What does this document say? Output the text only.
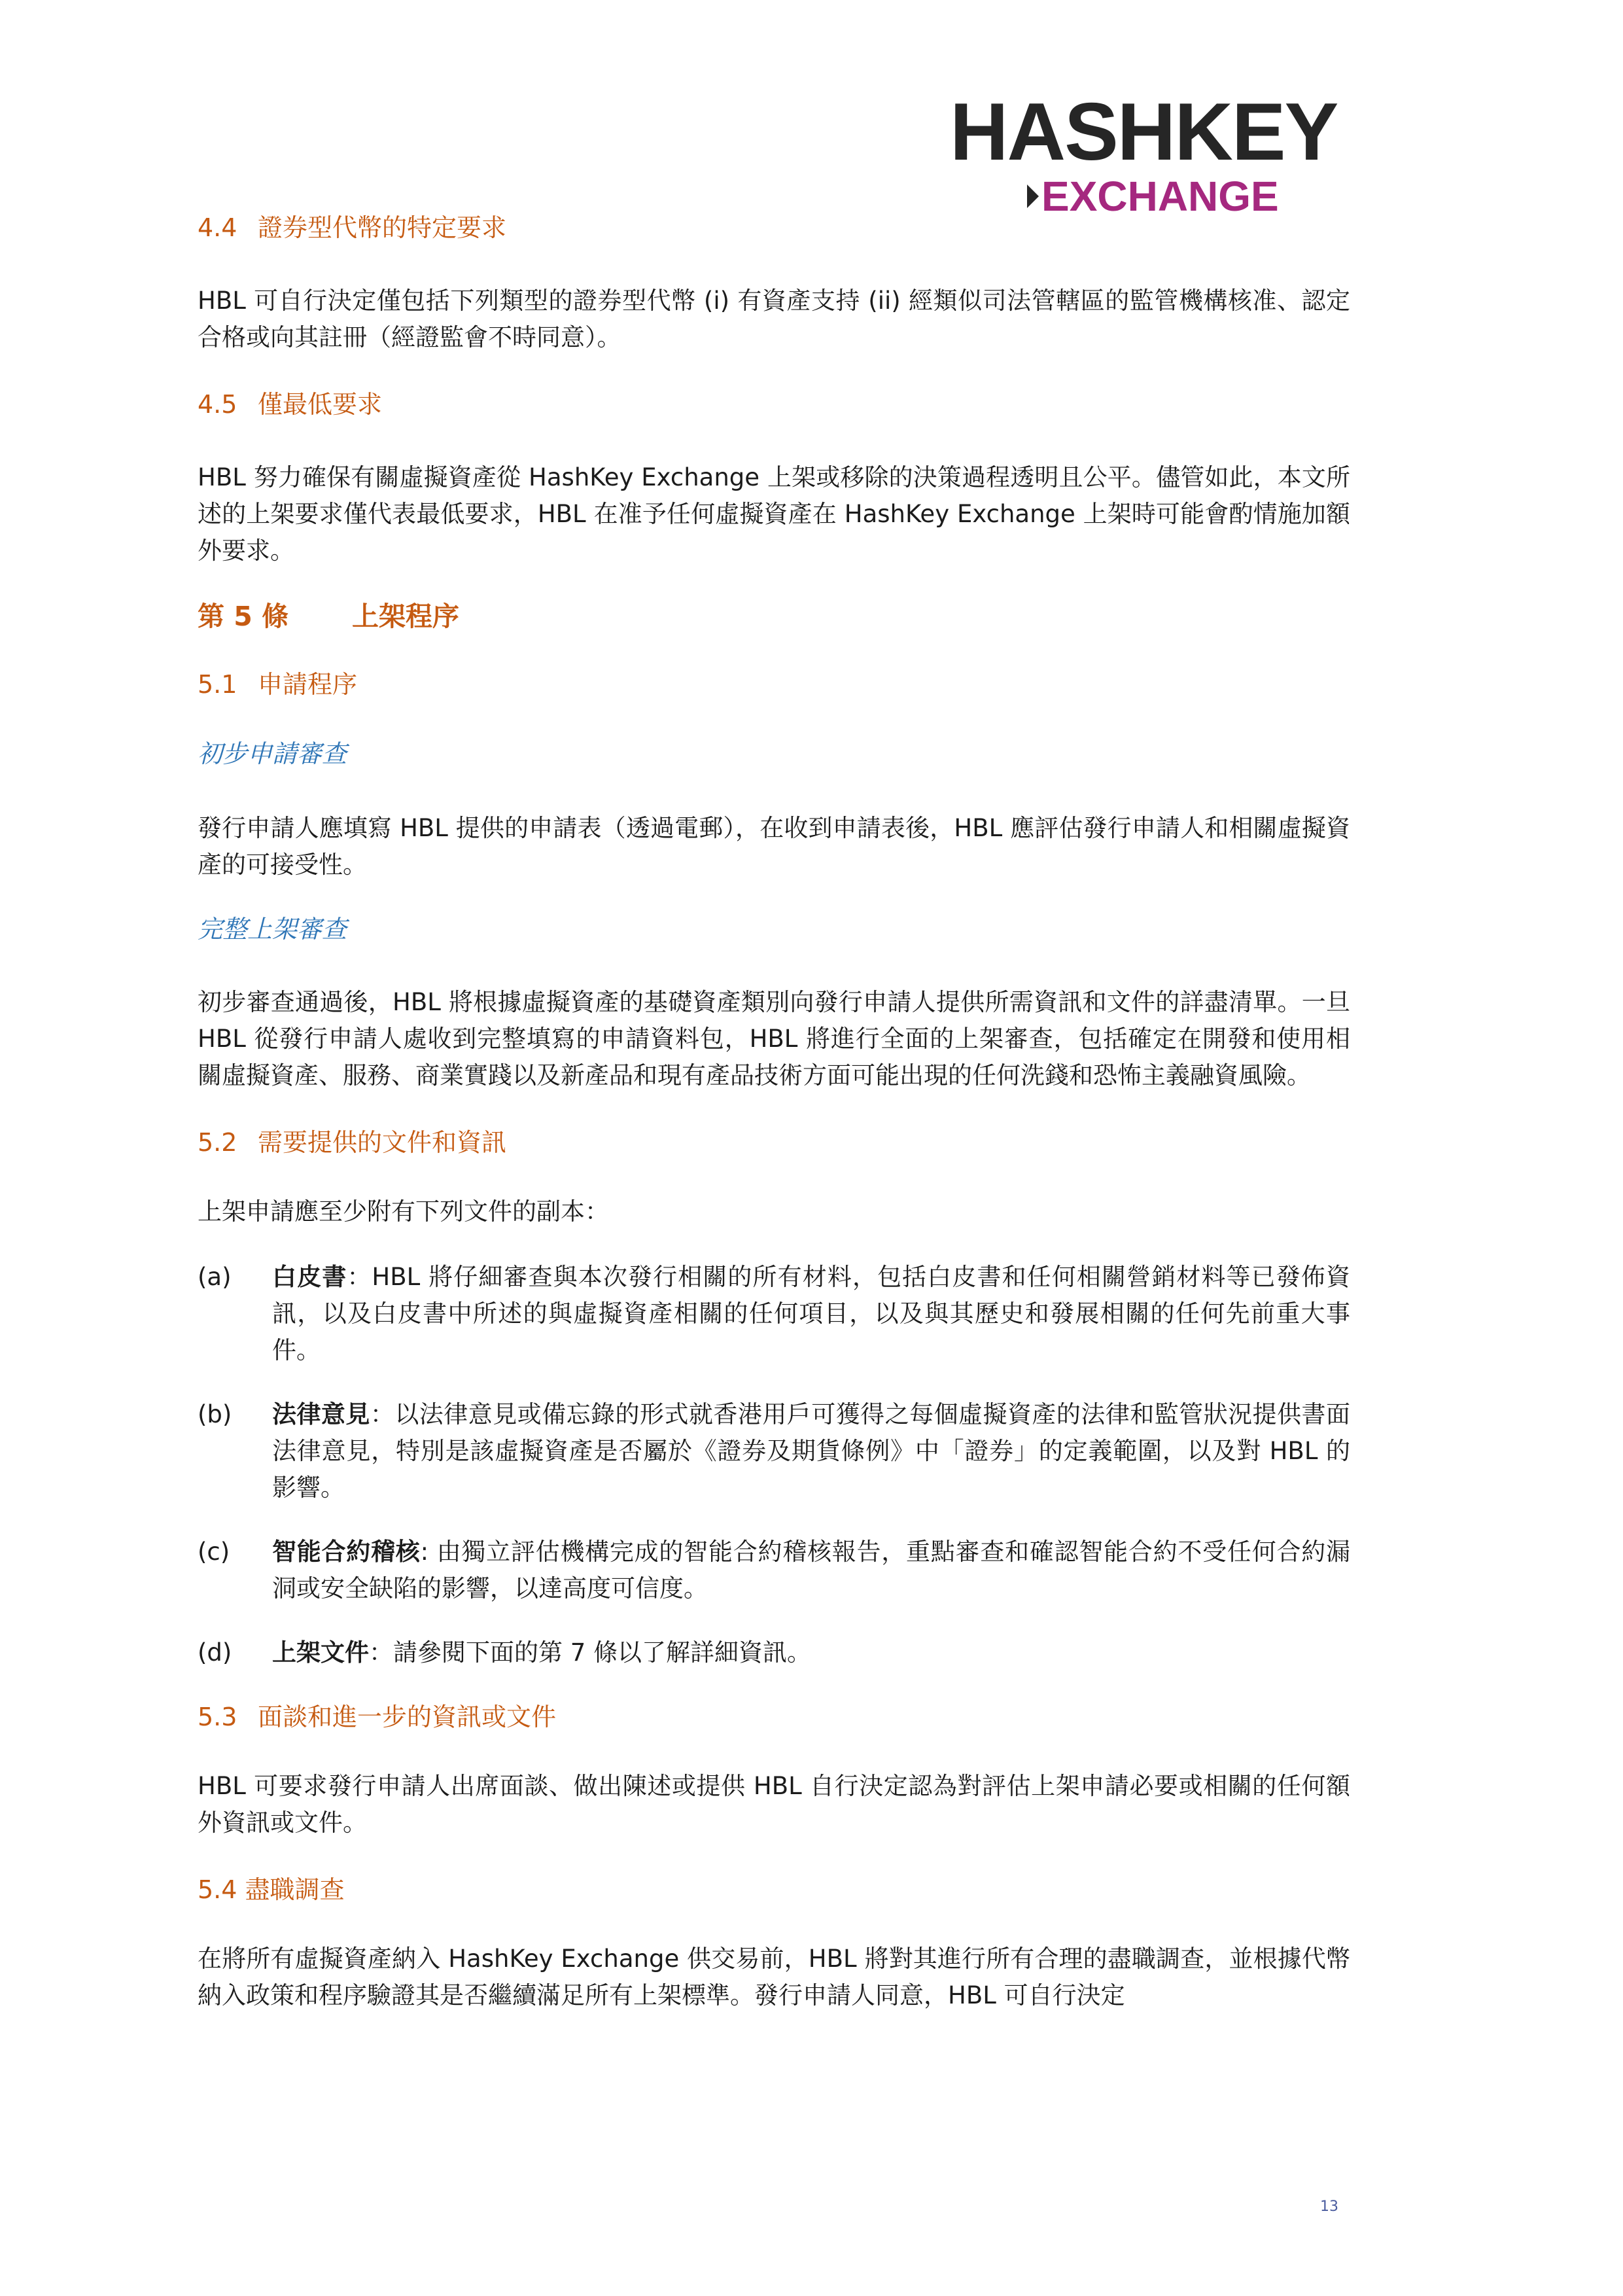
HASHKEY
EXCHANGE

4.4 證券型代幣的特定要求

HBL 可自行決定僅包括下列類型的證券型代幣 (i) 有資產支持 (ii) 經類似司法管轄區的監管機構核准、認定合格或向其註冊（經證監會不時同意）。

4.5 僅最低要求

HBL 努力確保有關虛擬資產從 HashKey Exchange 上架或移除的決策過程透明且公平。儘管如此，本文所述的上架要求僅代表最低要求，HBL 在准予任何虛擬資產在 HashKey Exchange 上架時可能會酌情施加額外要求。

第 5 條 上架程序

5.1 申請程序

初步申請審查

發行申請人應填寫 HBL 提供的申請表（透過電郵），在收到申請表後，HBL 應評估發行申請人和相關虛擬資產的可接受性。

完整上架審查

初步審查通過後，HBL 將根據虛擬資產的基礎資產類別向發行申請人提供所需資訊和文件的詳盡清單。一旦 HBL 從發行申請人處收到完整填寫的申請資料包，HBL 將進行全面的上架審查，包括確定在開發和使用相關虛擬資產、服務、商業實踐以及新產品和現有產品技術方面可能出現的任何洗錢和恐怖主義融資風險。

5.2 需要提供的文件和資訊

上架申請應至少附有下列文件的副本：

(a) 白皮書：HBL 將仔細審查與本次發行相關的所有材料，包括白皮書和任何相關營銷材料等已發佈資訊，以及白皮書中所述的與虛擬資產相關的任何項目，以及與其歷史和發展相關的任何先前重大事件。
(b) 法律意見：以法律意見或備忘錄的形式就香港用戶可獲得之每個虛擬資產的法律和監管狀況提供書面法律意見，特別是該虛擬資產是否屬於《證券及期貨條例》中「證券」的定義範圍，以及對 HBL 的影響。
(c) 智能合約稽核: 由獨立評估機構完成的智能合約稽核報告，重點審查和確認智能合約不受任何合約漏洞或安全缺陷的影響，以達高度可信度。
(d) 上架文件：請參閱下面的第 7 條以了解詳細資訊。

5.3 面談和進一步的資訊或文件

HBL 可要求發行申請人出席面談、做出陳述或提供 HBL 自行決定認為對評估上架申請必要或相關的任何額外資訊或文件。

5.4 盡職調查

在將所有虛擬資產納入 HashKey Exchange 供交易前，HBL 將對其進行所有合理的盡職調查，並根據代幣納入政策和程序驗證其是否繼續滿足所有上架標準。發行申請人同意，HBL 可自行決定

13
